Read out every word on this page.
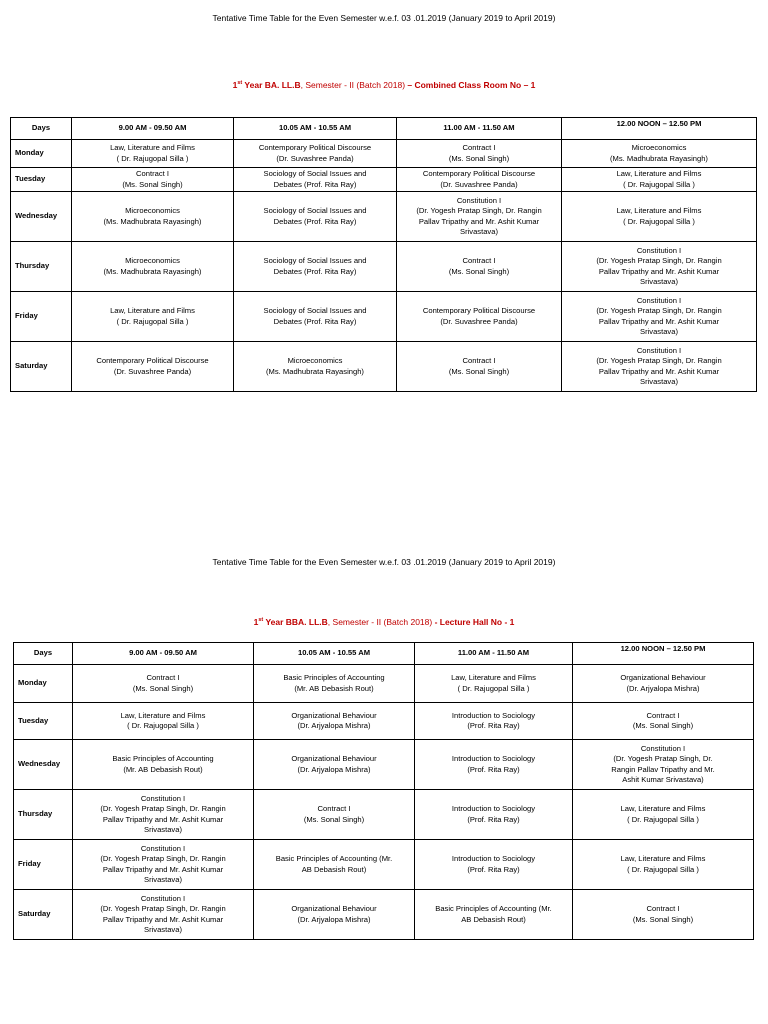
Tentative Time Table for the Even Semester w.e.f. 03 .01.2019 (January 2019 to April 2019)
1st Year BA. LL.B, Semester - II (Batch 2018) – Combined Class Room No – 1
Days	9.00 AM - 09.50 AM	10.05 AM - 10.55 AM	11.00 AM - 11.50 AM	12.00 NOON – 12.50 PM
Monday	Law, Literature and Films
( Dr. Rajugopal Silla )	Contemporary Political Discourse
(Dr. Suvashree Panda)	Contract I
(Ms. Sonal Singh)	Microeconomics
(Ms. Madhubrata Rayasingh)

Tuesday	Contract I
(Ms. Sonal Singh)	Sociology of Social Issues and
Debates (Prof. Rita Ray)	Contemporary Political Discourse
(Dr. Suvashree Panda)	Law, Literature and Films
( Dr. Rajugopal Silla )

Wednesday	Microeconomics
(Ms. Madhubrata Rayasingh)	Sociology of Social Issues and
Debates (Prof. Rita Ray)	Constitution I
(Dr. Yogesh Pratap Singh, Dr. Rangin
Pallav Tripathy and Mr. Ashit Kumar
Srivastava)	Law, Literature and Films
( Dr. Rajugopal Silla )

Thursday	Microeconomics
(Ms. Madhubrata Rayasingh)	Sociology of Social Issues and
Debates (Prof. Rita Ray)	Contract I
(Ms. Sonal Singh)	Constitution I
(Dr. Yogesh Pratap Singh, Dr. Rangin
Pallav Tripathy and Mr. Ashit Kumar
Srivastava)

Friday	Law, Literature and Films
( Dr. Rajugopal Silla )	Sociology of Social Issues and
Debates (Prof. Rita Ray)	Contemporary Political Discourse
(Dr. Suvashree Panda)	Constitution I
(Dr. Yogesh Pratap Singh, Dr. Rangin
Pallav Tripathy and Mr. Ashit Kumar
Srivastava)

Saturday	Contemporary Political Discourse
(Dr. Suvashree Panda)	Microeconomics
(Ms. Madhubrata Rayasingh)	Contract I
(Ms. Sonal Singh)	Constitution I
(Dr. Yogesh Pratap Singh, Dr. Rangin
Pallav Tripathy and Mr. Ashit Kumar
Srivastava)
Tentative Time Table for the Even Semester w.e.f. 03 .01.2019 (January 2019 to April 2019)
1st Year BBA. LL.B, Semester - II (Batch 2018) - Lecture Hall No - 1
Days	9.00 AM - 09.50 AM	10.05 AM - 10.55 AM	11.00 AM - 11.50 AM	12.00 NOON – 12.50 PM
Monday	Contract I
(Ms. Sonal Singh)	Basic Principles of Accounting
(Mr. AB Debasish Rout)	Law, Literature and Films
( Dr. Rajugopal Silla )	Organizational Behaviour
(Dr. Arjyalopa Mishra)

Tuesday	Law, Literature and Films
( Dr. Rajugopal Silla )	Organizational Behaviour
(Dr. Arjyalopa Mishra)	Introduction to Sociology
(Prof. Rita Ray)	Contract I
(Ms. Sonal Singh)

Wednesday	Basic Principles of Accounting
(Mr. AB Debasish Rout)	Organizational Behaviour
(Dr. Arjyalopa Mishra)	Introduction to Sociology
(Prof. Rita Ray)	Constitution I
(Dr. Yogesh Pratap Singh, Dr.
Rangin Pallav Tripathy and Mr.
Ashit Kumar Srivastava)

Thursday	Constitution I
(Dr. Yogesh Pratap Singh, Dr. Rangin
Pallav Tripathy and Mr. Ashit Kumar
Srivastava)	Contract I
(Ms. Sonal Singh)	Introduction to Sociology
(Prof. Rita Ray)	Law, Literature and Films
( Dr. Rajugopal Silla )

Friday	Constitution I
(Dr. Yogesh Pratap Singh, Dr. Rangin
Pallav Tripathy and Mr. Ashit Kumar
Srivastava)	Basic Principles of Accounting (Mr.
AB Debasish Rout)	Introduction to Sociology
(Prof. Rita Ray)	Law, Literature and Films
( Dr. Rajugopal Silla )

Saturday	Constitution I
(Dr. Yogesh Pratap Singh, Dr. Rangin
Pallav Tripathy and Mr. Ashit Kumar
Srivastava)	Organizational Behaviour
(Dr. Arjyalopa Mishra)	Basic Principles of Accounting (Mr.
AB Debasish Rout)	Contract I
(Ms. Sonal Singh)
